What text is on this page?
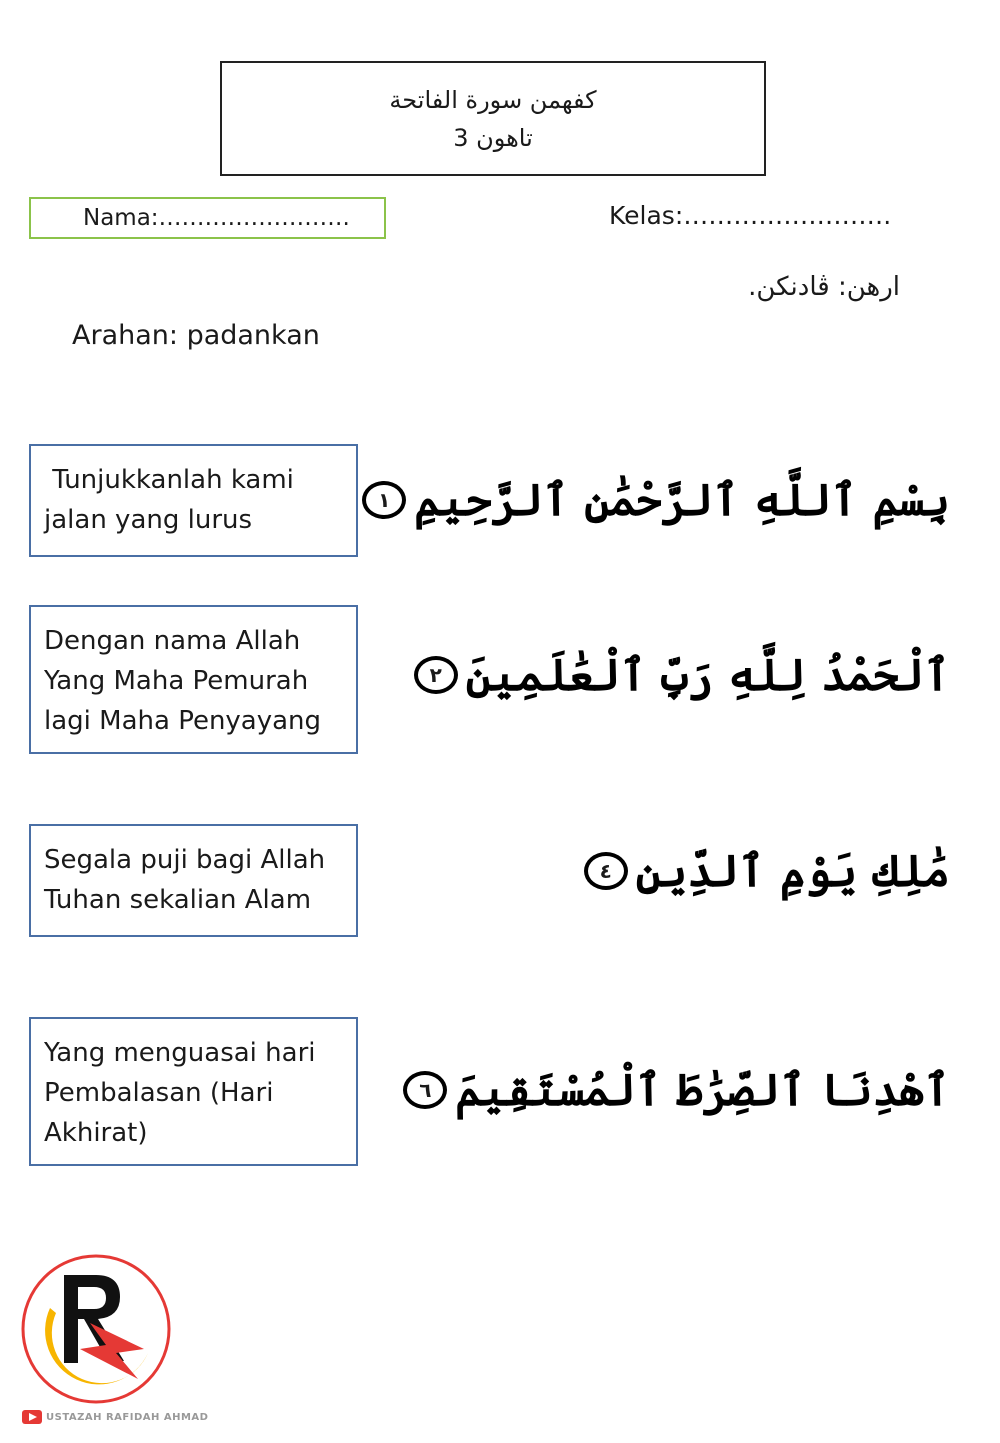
كفهمن سورة الفاتحة
تاهون 3
Nama:…………………….	Kelas:…………………….
ارهن: ڤادنكن.
Arahan: padankan
Tunjukkanlah kami
jalan yang lurus
Dengan nama Allah
Yang Maha Pemurah
lagi Maha Penyayang
Segala puji bagi Allah
Tuhan sekalian Alam
Yang menguasai hari
Pembalasan (Hari
Akhirat)
١ بِسْمِ ٱللَّهِ ٱلرَّحْمَٰنِ ٱلرَّحِيمِ
٢ ٱلْحَمْدُ لِلَّهِ رَبِّ ٱلْعَٰلَمِينَ
٤ مَٰلِكِ يَوْمِ ٱلدِّينِ
٦ ٱهْدِنَا ٱلصِّرَٰطَ ٱلْمُسْتَقِيمَ
USTAZAH RAFIDAH AHMAD
